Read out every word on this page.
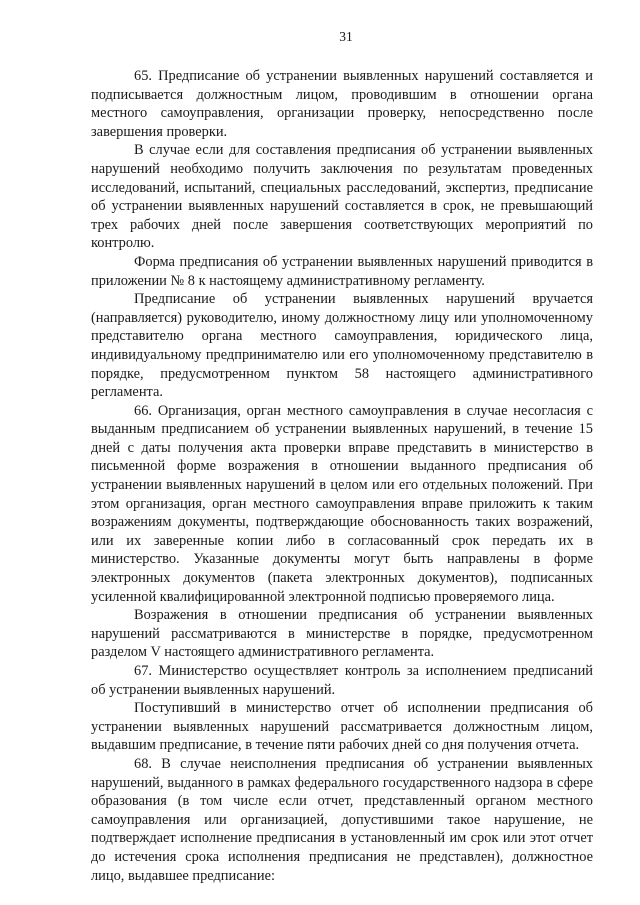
31

65. Предписание об устранении выявленных нарушений составляется и подписывается должностным лицом, проводившим в отношении органа местного самоуправления, организации проверку, непосредственно после завершения проверки.

В случае если для составления предписания об устранении выявленных нарушений необходимо получить заключения по результатам проведенных исследований, испытаний, специальных расследований, экспертиз, предписание об устранении выявленных нарушений составляется в срок, не превышающий трех рабочих дней после завершения соответствующих мероприятий по контролю.

Форма предписания об устранении выявленных нарушений приводится в приложении № 8 к настоящему административному регламенту.

Предписание об устранении выявленных нарушений вручается (направляется) руководителю, иному должностному лицу или уполномоченному представителю органа местного самоуправления, юридического лица, индивидуальному предпринимателю или его уполномоченному представителю в порядке, предусмотренном пунктом 58 настоящего административного регламента.

66. Организация, орган местного самоуправления в случае несогласия с выданным предписанием об устранении выявленных нарушений, в течение 15 дней с даты получения акта проверки вправе представить в министерство в письменной форме возражения в отношении выданного предписания об устранении выявленных нарушений в целом или его отдельных положений. При этом организация, орган местного самоуправления вправе приложить к таким возражениям документы, подтверждающие обоснованность таких возражений, или их заверенные копии либо в согласованный срок передать их в министерство. Указанные документы могут быть направлены в форме электронных документов (пакета электронных документов), подписанных усиленной квалифицированной электронной подписью проверяемого лица.

Возражения в отношении предписания об устранении выявленных нарушений рассматриваются в министерстве в порядке, предусмотренном разделом V настоящего административного регламента.

67. Министерство осуществляет контроль за исполнением предписаний об устранении выявленных нарушений.

Поступивший в министерство отчет об исполнении предписания об устранении выявленных нарушений рассматривается должностным лицом, выдавшим предписание, в течение пяти рабочих дней со дня получения отчета.

68. В случае неисполнения предписания об устранении выявленных нарушений, выданного в рамках федерального государственного надзора в сфере образования (в том числе если отчет, представленный органом местного самоуправления или организацией, допустившими такое нарушение, не подтверждает исполнение предписания в установленный им срок или этот отчет до истечения срока исполнения предписания не представлен), должностное лицо, выдавшее предписание:
